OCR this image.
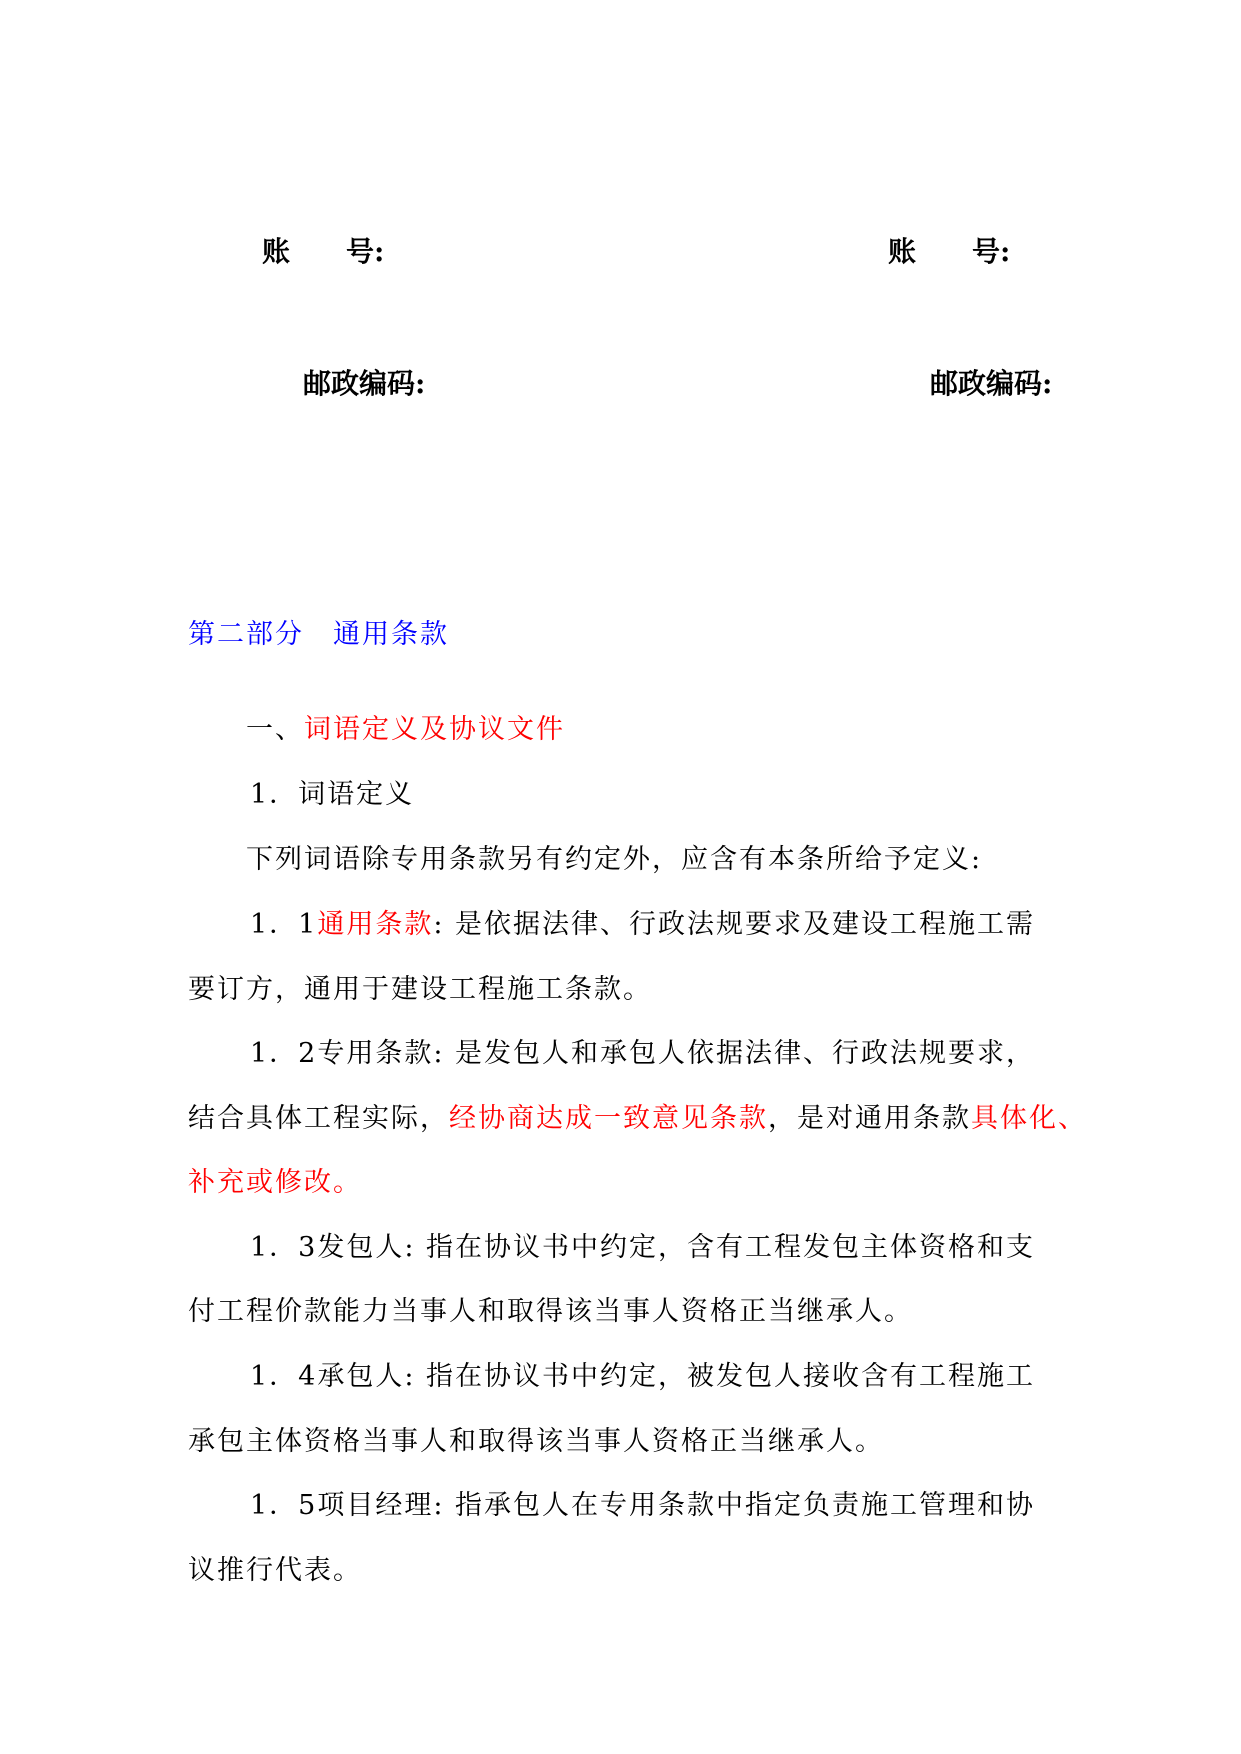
账 号:	账 号:
邮政编码:	邮政编码:
第二部分　通用条款
一、词语定义及协议文件
1．词语定义
下列词语除专用条款另有约定外，应含有本条所给予定义:
1．1通用条款: 是依据法律、行政法规要求及建设工程施工需
要订方，通用于建设工程施工条款。
1．2专用条款: 是发包人和承包人依据法律、行政法规要求，
结合具体工程实际，经协商达成一致意见条款，是对通用条款具体化、
补充或修改。
1．3发包人: 指在协议书中约定，含有工程发包主体资格和支
付工程价款能力当事人和取得该当事人资格正当继承人。
1．4承包人: 指在协议书中约定，被发包人接收含有工程施工
承包主体资格当事人和取得该当事人资格正当继承人。
1．5项目经理: 指承包人在专用条款中指定负责施工管理和协
议推行代表。
